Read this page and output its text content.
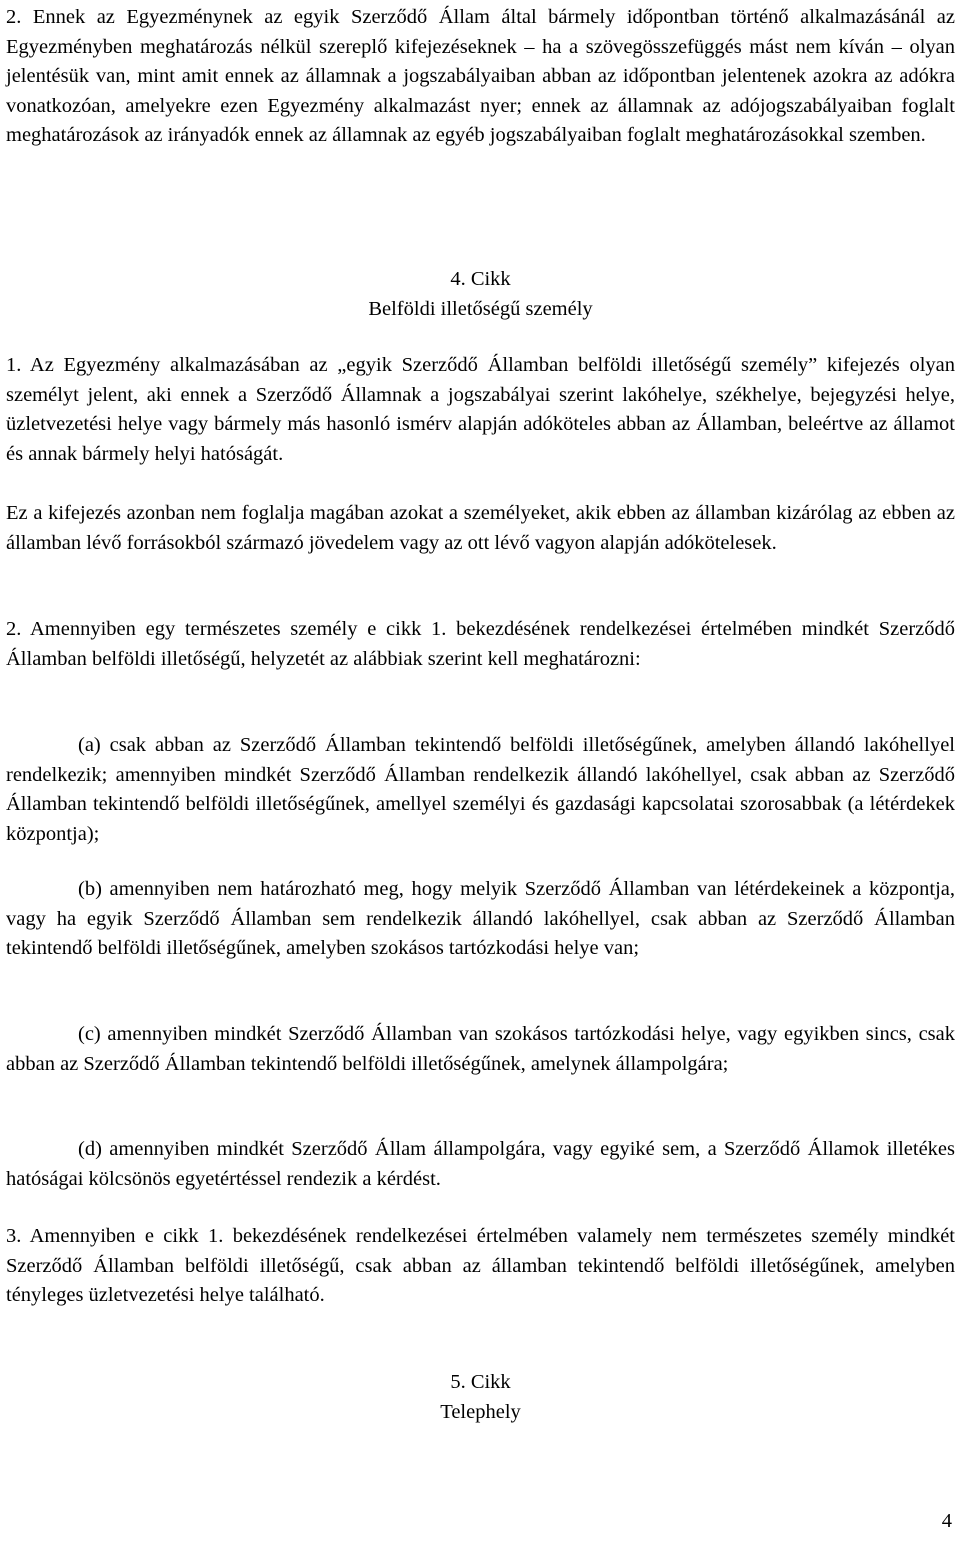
2. Ennek az Egyezménynek az egyik Szerződő Állam által bármely időpontban történő alkalmazásánál az Egyezményben meghatározás nélkül szereplő kifejezéseknek – ha a szövegösszefüggés mást nem kíván – olyan jelentésük van, mint amit ennek az államnak a jogszabályaiban abban az időpontban jelentenek azokra az adókra vonatkozóan, amelyekre ezen Egyezmény alkalmazást nyer; ennek az államnak az adójogszabályaiban foglalt meghatározások az irányadók ennek az államnak az egyéb jogszabályaiban foglalt meghatározásokkal szemben.

4. Cikk

Belföldi illetőségű személy

1. Az Egyezmény alkalmazásában az „egyik Szerződő Államban belföldi illetőségű személy” kifejezés olyan személyt jelent, aki ennek a Szerződő Államnak a jogszabályai szerint lakóhelye, székhelye, bejegyzési helye, üzletvezetési helye vagy bármely más hasonló ismérv alapján adóköteles abban az Államban, beleértve az államot és annak bármely helyi hatóságát.

Ez a kifejezés azonban nem foglalja magában azokat a személyeket, akik ebben az államban kizárólag az ebben az államban lévő forrásokból származó jövedelem vagy az ott lévő vagyon alapján adókötelesek.

2. Amennyiben egy természetes személy e cikk 1. bekezdésének rendelkezései értelmében mindkét Szerződő Államban belföldi illetőségű, helyzetét az alábbiak szerint kell meghatározni:

(a) csak abban az Szerződő Államban tekintendő belföldi illetőségűnek, amelyben állandó lakóhellyel rendelkezik; amennyiben mindkét Szerződő Államban rendelkezik állandó lakóhellyel, csak abban az Szerződő Államban tekintendő belföldi illetőségűnek, amellyel személyi és gazdasági kapcsolatai szorosabbak (a létérdekek központja);

(b) amennyiben nem határozható meg, hogy melyik Szerződő Államban van létérdekeinek a központja, vagy ha egyik Szerződő Államban sem rendelkezik állandó lakóhellyel, csak abban az Szerződő Államban tekintendő belföldi illetőségűnek, amelyben szokásos tartózkodási helye van;

(c) amennyiben mindkét Szerződő Államban van szokásos tartózkodási helye, vagy egyikben sincs, csak abban az Szerződő Államban tekintendő belföldi illetőségűnek, amelynek állampolgára;

(d) amennyiben mindkét Szerződő Állam állampolgára, vagy egyiké sem, a Szerződő Államok illetékes hatóságai kölcsönös egyetértéssel rendezik a kérdést.

3. Amennyiben e cikk 1. bekezdésének rendelkezései értelmében valamely nem természetes személy mindkét Szerződő Államban belföldi illetőségű, csak abban az államban tekintendő belföldi illetőségűnek, amelyben tényleges üzletvezetési helye található.

5. Cikk

Telephely

4
